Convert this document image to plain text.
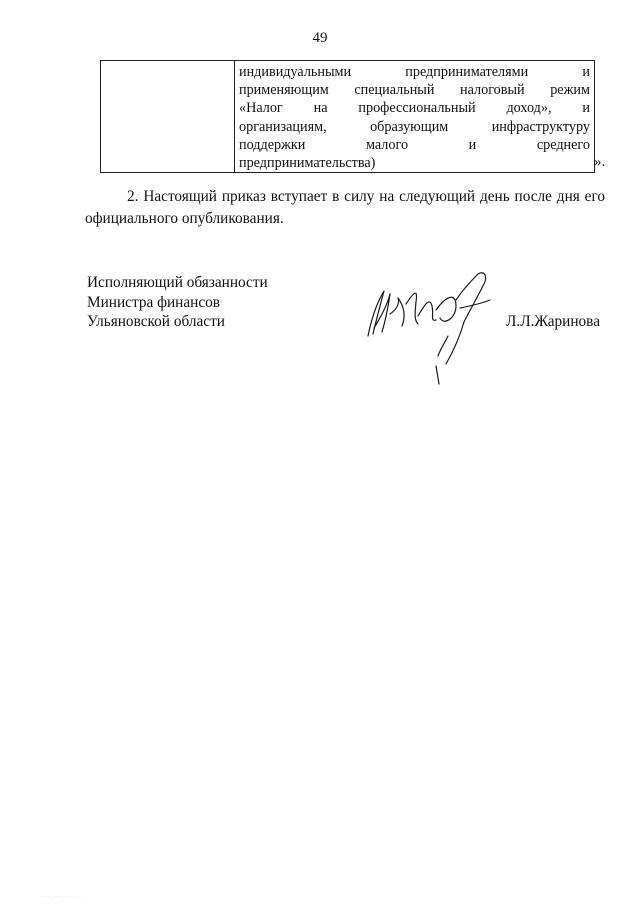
49

индивидуальными	предпринимателями	и
применяющим специальный налоговый режим
«Налог на профессиональный доход», и
организациям,	образующим	инфраструктуру
поддержки	малого	и	среднего
предпринимательства)	».
2. Настоящий приказ вступает в силу на следующий день после дня его официального опубликования.
Исполняющий обязанности
Министра финансов
Ульяновской области	Л.Л.Жаринова
··· ··· ··· ··
